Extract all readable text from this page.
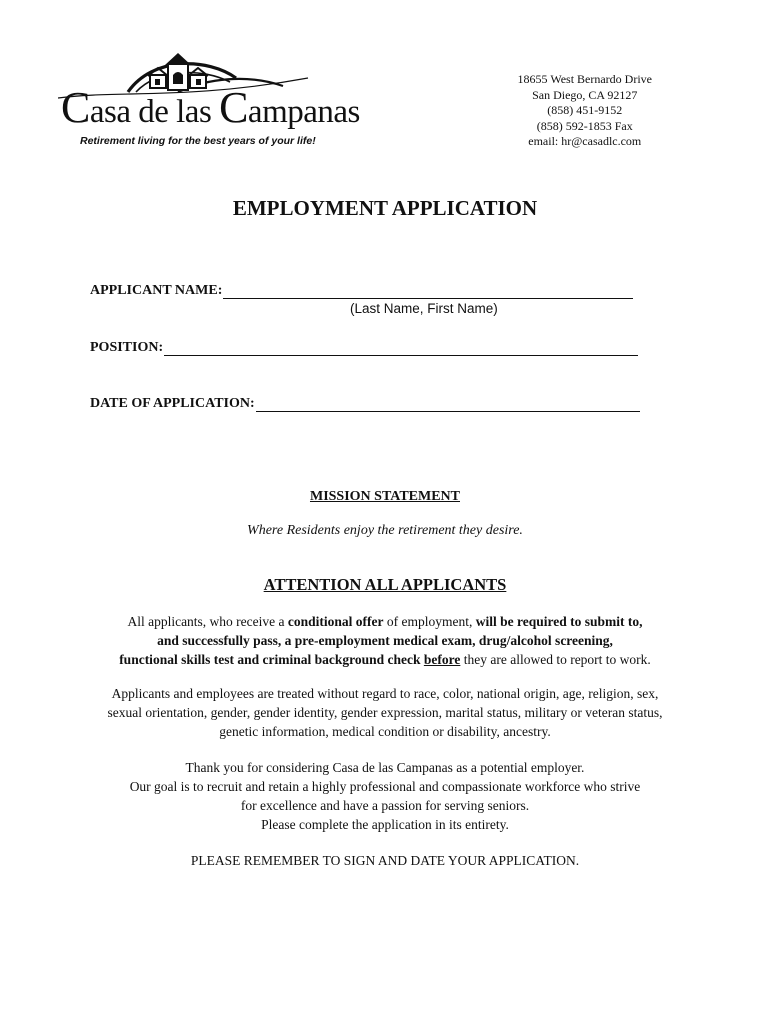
Casa de las Campanas
Retirement living for the best years of your life!
18655 West Bernardo Drive
San Diego, CA 92127
(858) 451-9152
(858) 592-1853 Fax
email: hr@casadlc.com
EMPLOYMENT APPLICATION
APPLICANT NAME:
(Last Name, First Name)
POSITION:
DATE OF APPLICATION:
MISSION STATEMENT
Where Residents enjoy the retirement they desire.
ATTENTION ALL APPLICANTS
All applicants, who receive a conditional offer of employment, will be required to submit to,
and successfully pass, a pre-employment medical exam, drug/alcohol screening,
functional skills test and criminal background check before they are allowed to report to work.
Applicants and employees are treated without regard to race, color, national origin, age, religion, sex,
sexual orientation, gender, gender identity, gender expression, marital status, military or veteran status,
genetic information, medical condition or disability, ancestry.
Thank you for considering Casa de las Campanas as a potential employer.
Our goal is to recruit and retain a highly professional and compassionate workforce who strive
for excellence and have a passion for serving seniors.
Please complete the application in its entirety.
PLEASE REMEMBER TO SIGN AND DATE YOUR APPLICATION.
